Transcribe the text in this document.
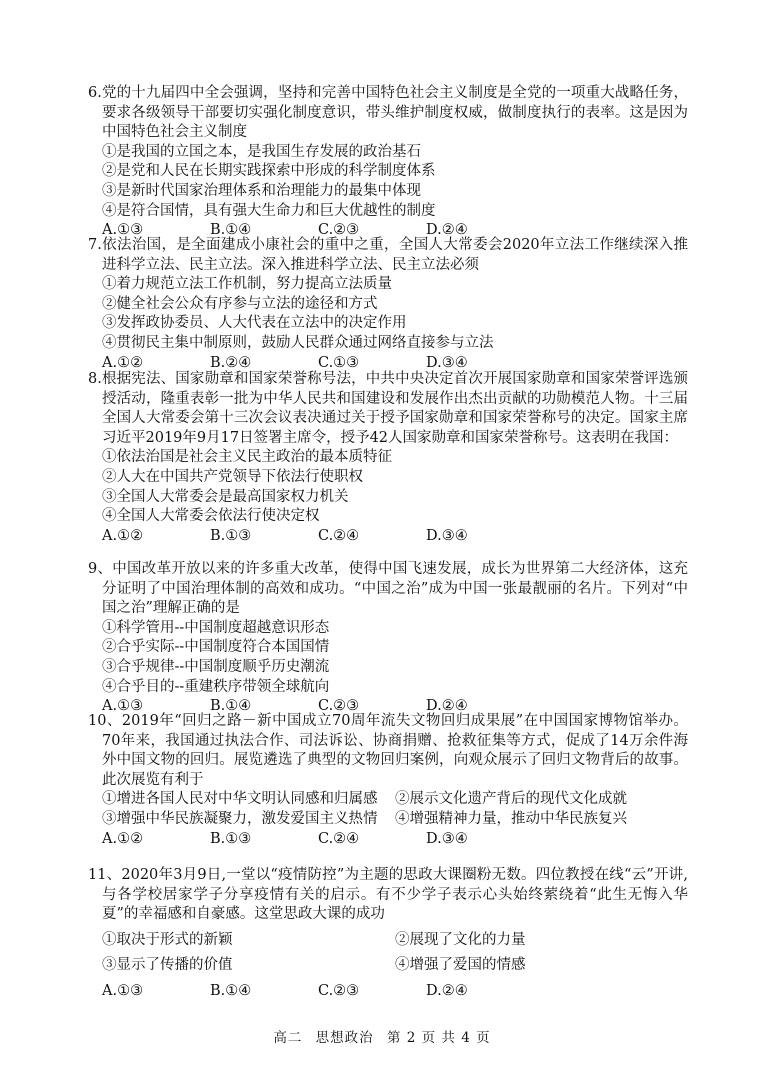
6.党的十九届四中全会强调，坚持和完善中国特色社会主义制度是全党的一项重大战略任务，要求各级领导干部要切实强化制度意识，带头维护制度权威，做制度执行的表率。这是因为中国特色社会主义制度

①是我国的立国之本，是我国生存发展的政治基石
②是党和人民在长期实践探索中形成的科学制度体系
③是新时代国家治理体系和治理能力的最集中体现
④是符合国情，具有强大生命力和巨大优越性的制度
A.①③	B.①④	C.②③	D.②④

7.依法治国，是全面建成小康社会的重中之重，全国人大常委会2020年立法工作继续深入推进科学立法、民主立法。深入推进科学立法、民主立法必须

①着力规范立法工作机制，努力提高立法质量
②健全社会公众有序参与立法的途径和方式
③发挥政协委员、人大代表在立法中的决定作用
④贯彻民主集中制原则，鼓励人民群众通过网络直接参与立法
A.①②	B.②④	C.①③	D.③④

8.根据宪法、国家勋章和国家荣誉称号法，中共中央决定首次开展国家勋章和国家荣誉评选颁授活动，隆重表彰一批为中华人民共和国建设和发展作出杰出贡献的功勋模范人物。十三届全国人大常委会第十三次会议表决通过关于授予国家勋章和国家荣誉称号的决定。国家主席习近平2019年9月17日签署主席令，授予42人国家勋章和国家荣誉称号。这表明在我国：

①依法治国是社会主义民主政治的最本质特征
②人大在中国共产党领导下依法行使职权
③全国人大常委会是最高国家权力机关
④全国人大常委会依法行使决定权
A.①②	B.①③	C.②④	D.③④

9、中国改革开放以来的许多重大改革，使得中国飞速发展，成长为世界第二大经济体，这充分证明了中国治理体制的高效和成功。“中国之治”成为中国一张最靓丽的名片。下列对“中国之治”理解正确的是

①科学管用--中国制度超越意识形态
②合乎实际--中国制度符合本国国情
③合乎规律--中国制度顺乎历史潮流
④合乎目的--重建秩序带领全球航向
A.①③	B.①④	C.②③	D.②④

10、2019年“回归之路－新中国成立70周年流失文物回归成果展”在中国国家博物馆举办。70年来，我国通过执法合作、司法诉讼、协商捐赠、抢救征集等方式，促成了14万余件海外中国文物的回归。展览遴选了典型的文物回归案例，向观众展示了回归文物背后的故事。此次展览有利于

①增进各国人民对中华文明认同感和归属感	②展示文化遗产背后的现代文化成就
③增强中华民族凝聚力，激发爱国主义热情	④增强精神力量，推动中华民族复兴
A.①②	B.①③	C.②④	D.③④

11、2020年3月9日,一堂以“疫情防控”为主题的思政大课圈粉无数。四位教授在线“云”开讲,与各学校居家学子分享疫情有关的启示。有不少学子表示心头始终萦绕着“此生无悔入华夏”的幸福感和自豪感。这堂思政大课的成功

①取决于形式的新颖	②展现了文化的力量
③显示了传播的价值	④增强了爱国的情感
A.①③	B.①④	C.②③	D.②④
高二 思想政治 第 2 页 共 4 页
